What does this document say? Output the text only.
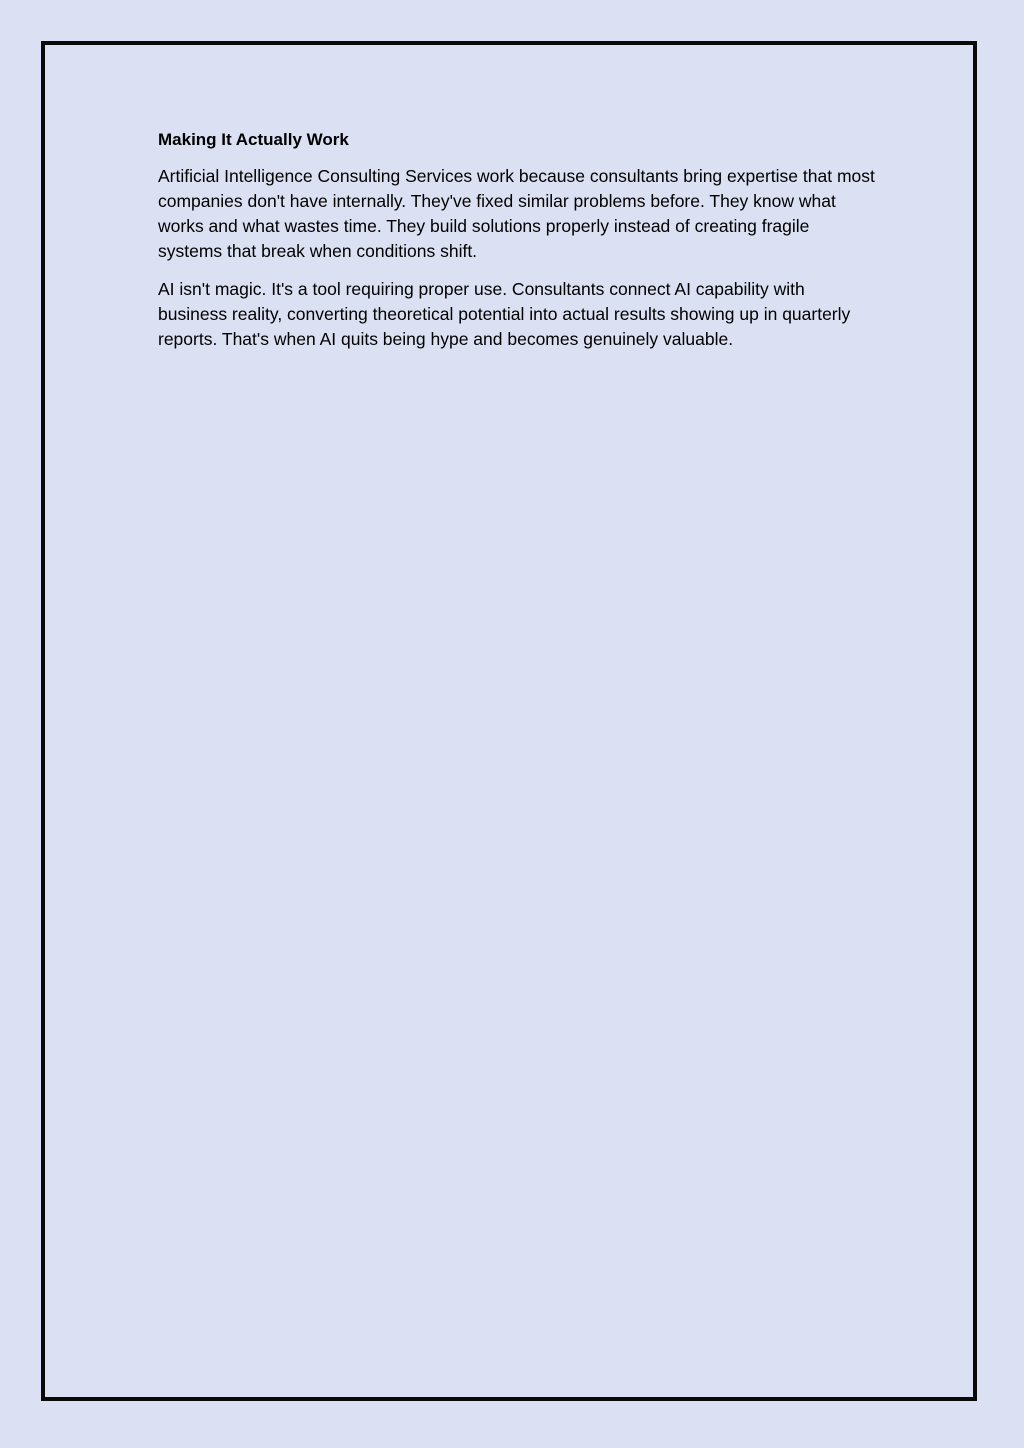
Making It Actually Work

Artificial Intelligence Consulting Services work because consultants bring expertise that most companies don't have internally. They've fixed similar problems before. They know what works and what wastes time. They build solutions properly instead of creating fragile systems that break when conditions shift.

AI isn't magic. It's a tool requiring proper use. Consultants connect AI capability with business reality, converting theoretical potential into actual results showing up in quarterly reports. That's when AI quits being hype and becomes genuinely valuable.
